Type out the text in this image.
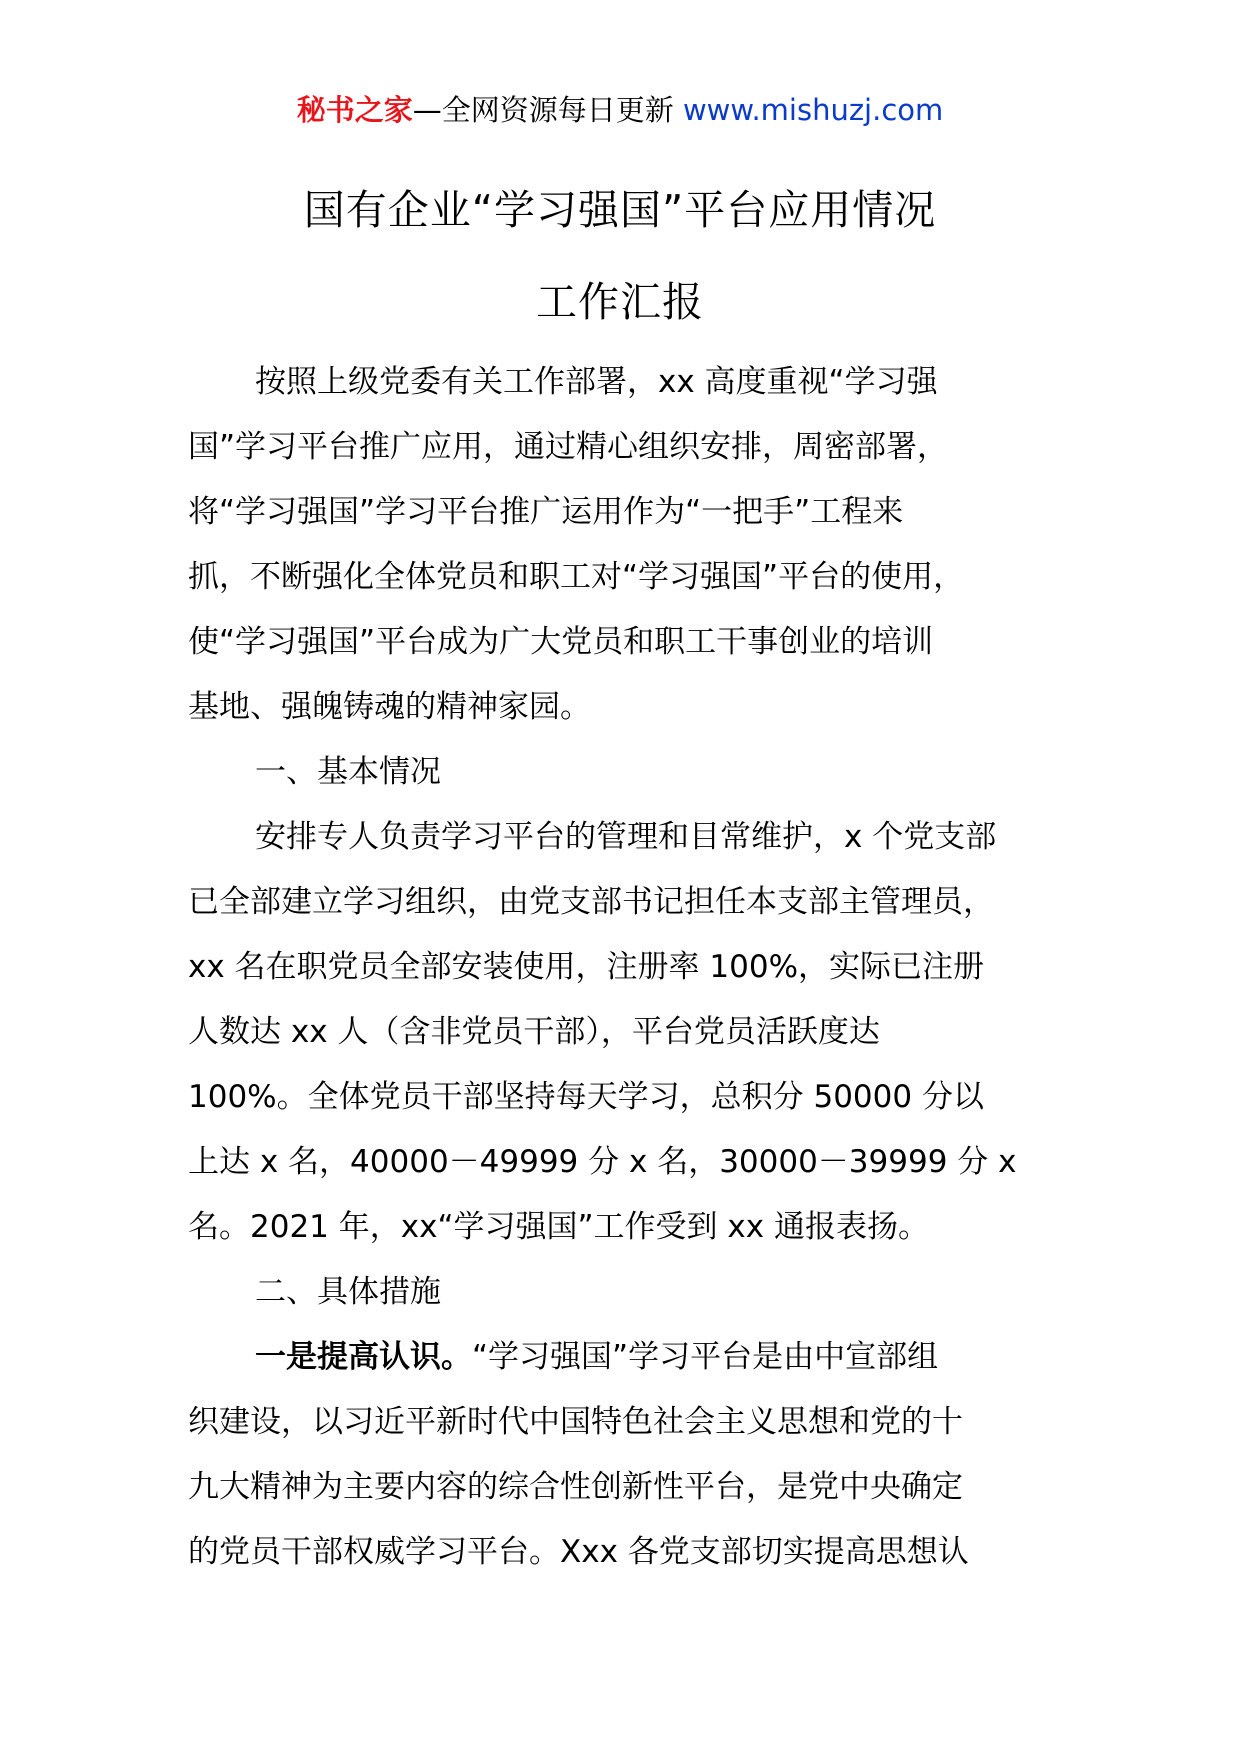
秘书之家—全网资源每日更新 www.mishuzj.com
国有企业“学习强国”平台应用情况
工作汇报
按照上级党委有关工作部署，xx 高度重视“学习强
国”学习平台推广应用，通过精心组织安排，周密部署，
将“学习强国”学习平台推广运用作为“一把手”工程来
抓，不断强化全体党员和职工对“学习强国”平台的使用，
使“学习强国”平台成为广大党员和职工干事创业的培训
基地、强魄铸魂的精神家园。
一、基本情况
安排专人负责学习平台的管理和目常维护，x 个党支部
已全部建立学习组织，由党支部书记担任本支部主管理员，
xx 名在职党员全部安装使用，注册率 100%，实际已注册
人数达 xx 人（含非党员干部），平台党员活跃度达
100%。全体党员干部坚持每天学习，总积分 50000 分以
上达 x 名，40000－49999 分 x 名，30000－39999 分 x
名。2021 年，xx“学习强国”工作受到 xx 通报表扬。
二、具体措施
一是提高认识。“学习强国”学习平台是由中宣部组
织建设，以习近平新时代中国特色社会主义思想和党的十
九大精神为主要内容的综合性创新性平台，是党中央确定
的党员干部权威学习平台。Xxx 各党支部切实提高思想认
